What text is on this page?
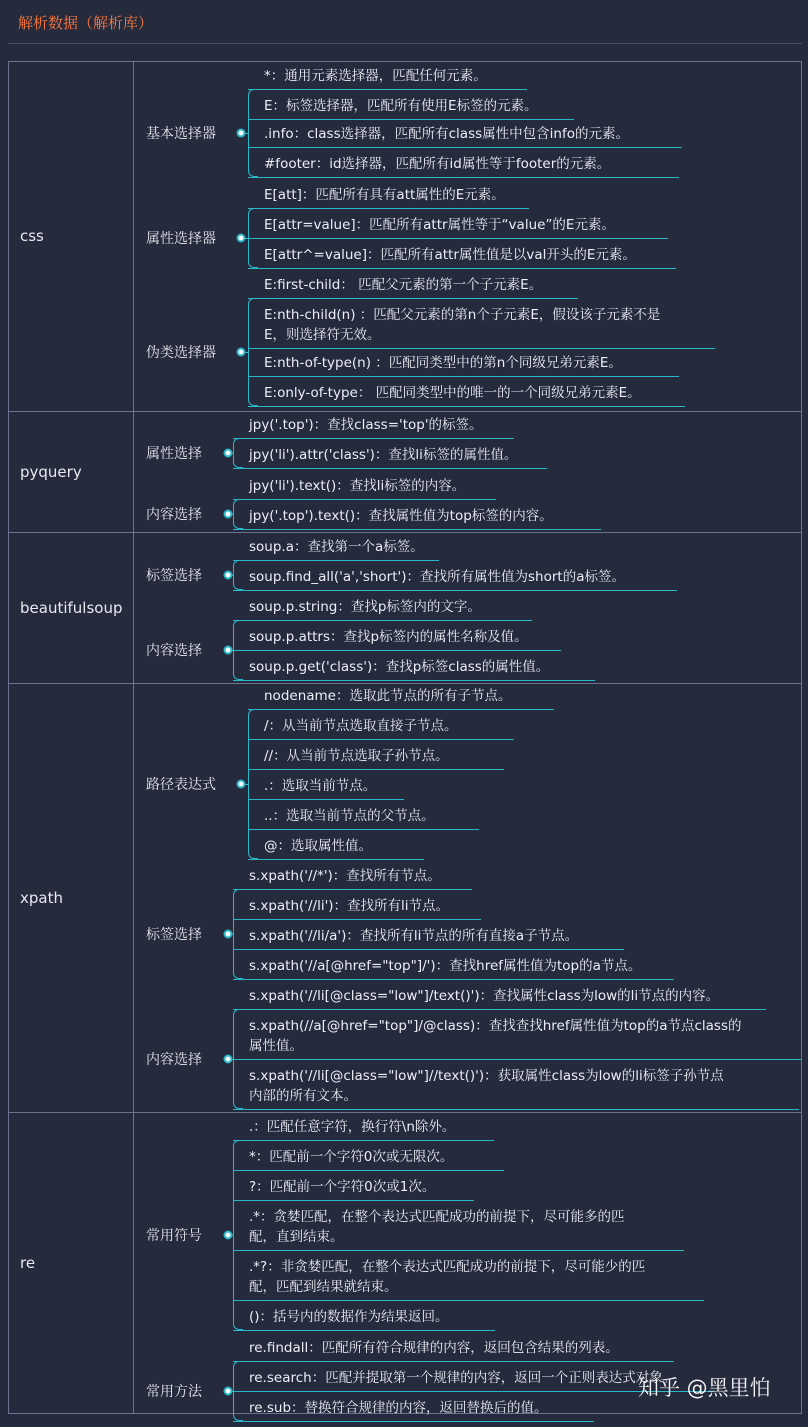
解析数据（解析库）
css
基本选择器
*：通用元素选择器，匹配任何元素。
E：标签选择器，匹配所有使用E标签的元素。
.info：class选择器，匹配所有class属性中包含info的元素。
#footer：id选择器，匹配所有id属性等于footer的元素。
属性选择器
E[att]：匹配所有具有att属性的E元素。
E[attr=value]：匹配所有attr属性等于“value”的E元素。
E[attr^=value]：匹配所有attr属性值是以val开头的E元素。
伪类选择器
E:first-child： 匹配父元素的第一个子元素E。
E:nth-child(n) ：匹配父元素的第n个子元素E，假设该子元素不是
E，则选择符无效。
E:nth-of-type(n) ：匹配同类型中的第n个同级兄弟元素E。
E:only-of-type： 匹配同类型中的唯一的一个同级兄弟元素E。
pyquery
属性选择
jpy('.top')：查找class='top'的标签。
jpy('li').attr('class')：查找li标签的属性值。
内容选择
jpy('li').text()：查找li标签的内容。
jpy('.top').text()：查找属性值为top标签的内容。
beautifulsoup
标签选择
soup.a：查找第一个a标签。
soup.find_all('a','short')：查找所有属性值为short的a标签。
内容选择
soup.p.string：查找p标签内的文字。
soup.p.attrs：查找p标签内的属性名称及值。
soup.p.get('class')：查找p标签class的属性值。
xpath
路径表达式
nodename：选取此节点的所有子节点。
/：从当前节点选取直接子节点。
//：从当前节点选取子孙节点。
.：选取当前节点。
..：选取当前节点的父节点。
@：选取属性值。
标签选择
s.xpath('//*')：查找所有节点。
s.xpath('//li')：查找所有li节点。
s.xpath('//li/a')：查找所有li节点的所有直接a子节点。
s.xpath('//a[@href="top"]/')：查找href属性值为top的a节点。
内容选择
s.xpath('//li[@class="low"]/text()')：查找属性class为low的li节点的内容。
s.xpath(//a[@href="top"]/@class)：查找查找href属性值为top的a节点class的
属性值。
s.xpath('//li[@class="low"]//text()')：获取属性class为low的li标签子孙节点
内部的所有文本。
re
常用符号
.：匹配任意字符，换行符\n除外。
*：匹配前一个字符0次或无限次。
?：匹配前一个字符0次或1次。
.*：贪婪匹配，在整个表达式匹配成功的前提下，尽可能多的匹
配，直到结束。
.*?：非贪婪匹配，在整个表达式匹配成功的前提下，尽可能少的匹
配，匹配到结果就结束。
()：括号内的数据作为结果返回。
常用方法
re.findall：匹配所有符合规律的内容，返回包含结果的列表。
re.search：匹配并提取第一个规律的内容，返回一个正则表达式对象。
re.sub：替换符合规律的内容，返回替换后的值。
知乎 @黑里怕
